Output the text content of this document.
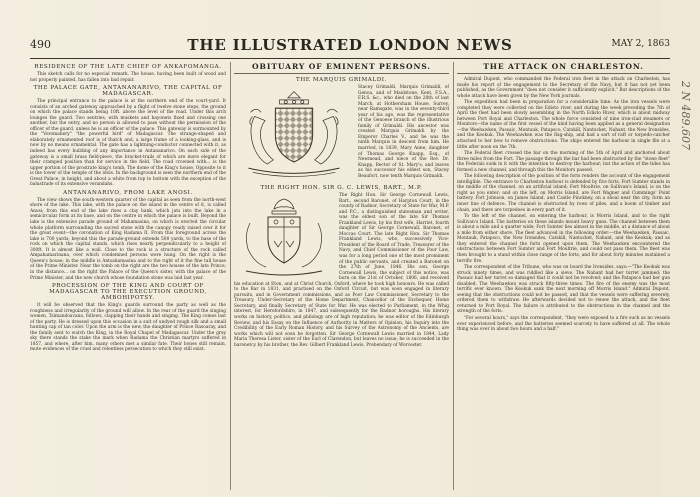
2 N 489.607
490	THE ILLUSTRATED LONDON NEWS	MAY 2, 1863
RESIDENCE OF THE LATE CHIEF OF ANKAFOMANGA.

This sketch calls for no especial remark. The house, having been built of wood and not properly painted, has fallen into bad repair.

THE PALACE GATE, ANTANANARIVO, THE CAPITAL OF MADAGASCAR.

The principal entrance to the palace is at the northern end of the court-yard. It consists of an arched gateway approached by a flight of twelve stone steps, the ground on which the palace stands being 10ft. above the level of the road. Under this arch lounges the guard. Two sentries, with muskets and bayonets fixed and crossing one another, bar the entry, and no person is allowed to pass without the permission of the officer of the guard, unless he is an officer of the palace. This gateway is surmounted by the "Voromahery" "the powerful bird" of Madagascar. The strange-shaped and elaborately ornamented roof is of thatch and, a large frame of a looking-glass, and is now by no means ornamental. The gate has a lightning-conductor connected with it, as indeed has every building of any importance in Antananarivo. On each side of the gateway is a small brass field-piece, the bracket-trails of which are more elegant for their cramped position than for service in the field. The road crowned with... is the upper portion of the prostrate king's tomb, The dome of the King's house, Opposite to it is the tower of the temple of the idols. In the background is seen the northern end of the Great Palace, in height, and about a white from top to bottom with the exception of the balustrade of its extensive verandahs.

ANTANANARIVO, FROM LAKE ANOSI.

The view shows the south-western quarter of the capital as seen from the north-west shore of the lake. This lake, with the palace on the island in the centre of it, is called Anosi; from this end of the lake rises a clay bank, which juts into the lake in a semicircular form at its base, and on the centre in which the palace is built. Beyond the lake is the extensive parade ground of Mahamasina, on which is erected the circular whole platform surrounding the sacred stone with the canopy ready raised over it for the great event—the coronation of King Radama II. From this foreground across the lake is 700 yards; beyond this the parade-ground extends 500 yards, to the base of the rock on which the capital stands, which rises nearly perpendicularly to a height of 300ft. It is almost like a wall. Close to the rock is a structure of the rock called Ampahamarinana, over which condemned persons were hung. On the right is the Queen's house; in the middle is Antsahamasina and to the right of it the fine tall house of the Prime Minister. Near the tomb on the right are the two houses of the late Prince; in the distance... on the right the Palace of the Queen's sister, with the palace of the Prime Minister, and the new church whose foundation stone was laid last year.

PROCESSION OF THE KING AND COURT OF MADAGASCAR TO THE EXECUTION GROUND, AMBOHIPOTSY.

It will be observed that the King's guards surround the party as well as the roughness and irregularity of the ground will allow. In the rear of the guard the singing women, Tsimandoavana, follows, clapping their hands and singing. The King comes last of the party. He is dressed upon this occasion in a suit of undyed rough silk and a small hunting cap of tan color. Upon the arm is the new, the daughter of Prince Rasoaray, and the family sent to watch the King, in the Royal Chapel of Madagascar. Under the grey sky there stands the stake the mark when Radama the Christian martyrs suffered in 1857, and where, after him, many others met a similar fate. Their bones still remain, mute evidences of the cruel and relentless persecution to which they still exist.

OBITUARY OF EMINENT PERSONS.
THE MARQUIS GRIMALDI.

Stacey Grimaldi, Marquis Grimaldi, of Genoa, and of Maidstone, Kent, F.S.A., F.R.S. &c., who died on the 28th of last March, at Hothersham House, Surrey, near Ramsgate, was in the seventy-third year of his age, was the representative of the Genoese branch of the illustrious family of Grimaldi. His ancestor was created Marquis Grimaldi by the Emperor Charles V., and he was the ninth Marquis in descent from him. He married, in 1839, Mary Anne, daughter of Thomas George Knapp, Esq., of Newmead, and niece of the Rev. Dr. Knapp, Rector of St. Mary's; and leaves as his successor his eldest son, Stacey Beaufort, now tenth Marquis Grimaldi.

THE RIGHT HON. SIR G. C. LEWIS, BART., M.P.

The Right Hon. Sir George Cornewall Lewis, Bart., second Baronet, of Harpton Court, in the county of Radnor, Secretary of State for War, M.P. and P.C., a distinguished statesman and writer, was the eldest son of the late Sir Thomas Frankland Lewis, by his first wife, Harriet, fourth daughter of Sir George Cornewall, Baronet, of Moccas Court. The late Right Hon. Sir Thomas Frankland Lewis, who, successively Vice-President of the Board of Trade, Treasurer of the Navy, and Chief Commissioner of the Poor Law, was for a long period one of the most prominent of the public servants, and created a Baronet on the 27th of June, 1846. His son, George Cornewall Lewis, the subject of this notice, was born on the 21st of October, 1806, and received his education at Eton, and at Christ Church, Oxford, where he took high honours. He was called to the Bar in 1831, and practised on the Oxford Circuit, but was soon engaged in literary pursuits, and in Government commissions, and as Poor Law Commissioner, Secretary to the Treasury, Under-Secretary of the Home Department, Chancellor of the Exchequer, Home Secretary, and finally Secretary of State for War. He was elected to Parliament, in the Whig interest, for Herefordshire, in 1847, and subsequently for the Radnor boroughs. His literary works on history, politics, and philology are of high reputation; he was editor of the Edinburgh Review, and his Essay on the Influence of Authority in Matters of Opinion, his Inquiry into the Credibility of the Early Roman History, and his Survey of the Astronomy of the Ancients, are works which will not soon be forgotten. Sir George Cornewall Lewis married in 1844, Lady Maria Theresa Lister, sister of the Earl of Clarendon, but leaves no issue; he is succeeded in the baronetcy by his brother, the Rev. Gilbert Frankland Lewis, Prebendary of Worcester.

THE ATTACK ON CHARLESTON.

Admiral Dupont, who commanded the Federal iron fleet in the attack on Charleston, has made his report of the engagement to the Secretary of the Navy, but it has not yet been published, as the Government "does not consider it sufficiently explicit." But descriptions of the whole attack have been given by the New York journals.

The expedition had been in preparation for a considerable time. As the iron vessels were completed they were collected on the Edisto river, and during the week preceding the 7th of April the fleet had been slowly assembling in the North Edisto River, which is about midway between Port Royal and Charleston. The whole force consisted of nine iron-clad steamers or Monitors—the name of the first vessel of the kind having been applied as a general designation—the Weehawken, Passaic, Montauk, Patapsco, Catskill, Nantucket, Nahant, the New Ironsides, and the Keokuk. The Weehawken was the flag-ship, and had a sort of raft or torpedo-catcher attached to her bow to remove obstructions. The ships entered the harbour in single file at a little after noon on the 7th.

The Federal fleet crossed the bar on the morning of the 5th of April and anchored about three miles from the Fort. The passage through the bar had been obstructed by the "stone fleet" the Federals sunk in it with the intention to destroy the harbour; but the action of the tides has formed a new channel, and through this the Monitors passed.

The following description of the position of the forts renders the account of the engagement intelligible. The entrance to Charleston harbour is defended by five forts. Fort Sumter stands in the middle of the channel, on an artificial island; Fort Moultrie, on Sullivan's Island, is on the right as you enter; and on the left, on Morris Island, are Fort Wagner and Cummings' Point battery. Fort Johnson, on James Island, and Castle Pinckney, on a shoal near the city, form an inner line of defence. The channel is obstructed by rows of piles, and a boom of timber and chain, and there are torpedoes in every part of it.

To the left of the channel, on entering the harbour, is Morris Island, and to the right Sullivan's Island. The batteries on these islands mount heavy guns. The channel between them is about a mile and a quarter wide; Fort Sumter lies almost in the middle, at a distance of about a mile from either shore. The fleet advanced in the following order:—the Weehawken, Passaic, Montauk, Patapsco, the New Ironsides, Catskill, Nantucket, Nahant, and the Keokuk; and as they entered the channel the forts opened upon them. The Weehawken encountered the obstructions between Fort Sumter and Fort Moultrie, and could not pass them. The fleet was then brought to a stand within close range of the forts, and for about forty minutes sustained a terrific fire.

The correspondent of the Tribune, who was on board the Ironsides, says:—"The Keokuk was struck ninety times, and was riddled like a sieve. The Nahant had her turret jammed; the Passaic had her turret so damaged that it could not be revolved; and the Patapsco had her gun disabled. The Weehawken was struck fifty-three times. The fire of the enemy was the most terrific ever known. The Keokuk sank the next morning off Morris Island." Admiral Dupont, seeing that the obstructions could not be passed, and that the vessels were suffering severely, ordered them to withdraw. He afterwards decided not to renew the attack, and the fleet returned to Port Royal. The failure is attributed to the obstructions in the channel and the strength of the forts.

"For several hours," says the correspondent, "they were exposed to a fire such as no vessels ever experienced before, and the batteries seemed scarcely to have suffered at all. The whole thing was over in about two hours and a half."
